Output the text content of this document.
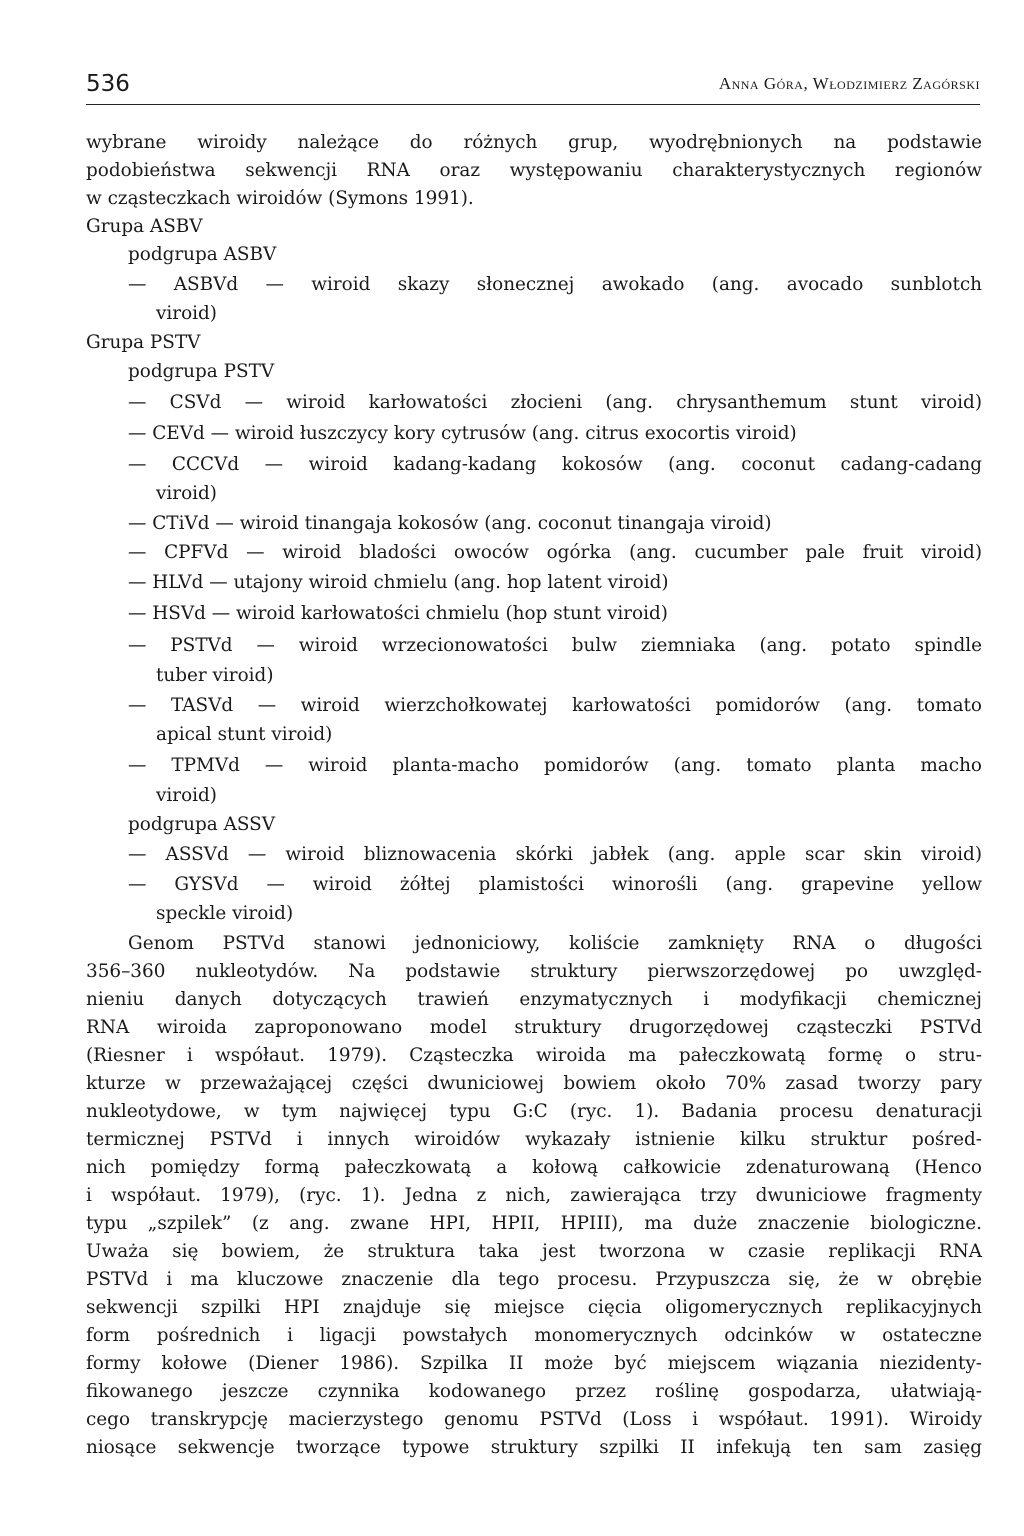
536	Anna Góra, Włodzimierz Zagórski
wybrane wiroidy należące do różnych grup, wyodrębnionych na podstawie
podobieństwa sekwencji RNA oraz występowaniu charakterystycznych regionów
w cząsteczkach wiroidów (Symons 1991).
Grupa ASBV
podgrupa ASBV
— ASBVd — wiroid skazy słonecznej awokado (ang. avocado sunblotch
viroid)
Grupa PSTV
podgrupa PSTV
— CSVd — wiroid karłowatości złocieni (ang. chrysanthemum stunt viroid)
— CEVd — wiroid łuszczycy kory cytrusów (ang. citrus exocortis viroid)
— CCCVd — wiroid kadang-kadang kokosów (ang. coconut cadang-cadang
viroid)
— CTiVd — wiroid tinangaja kokosów (ang. coconut tinangaja viroid)
— CPFVd — wiroid bladości owoców ogórka (ang. cucumber pale fruit viroid)
— HLVd — utajony wiroid chmielu (ang. hop latent viroid)
— HSVd — wiroid karłowatości chmielu (hop stunt viroid)
— PSTVd — wiroid wrzecionowatości bulw ziemniaka (ang. potato spindle
tuber viroid)
— TASVd — wiroid wierzchołkowatej karłowatości pomidorów (ang. tomato
apical stunt viroid)
— TPMVd — wiroid planta-macho pomidorów (ang. tomato planta macho
viroid)
podgrupa ASSV
— ASSVd — wiroid bliznowacenia skórki jabłek (ang. apple scar skin viroid)
— GYSVd — wiroid żółtej plamistości winorośli (ang. grapevine yellow
speckle viroid)
Genom PSTVd stanowi jednoniciowy, koliście zamknięty RNA o długości
356–360 nukleotydów. Na podstawie struktury pierwszorzędowej po uwzględ-
nieniu danych dotyczących trawień enzymatycznych i modyfikacji chemicznej
RNA wiroida zaproponowano model struktury drugorzędowej cząsteczki PSTVd
(Riesner i współaut. 1979). Cząsteczka wiroida ma pałeczkowatą formę o stru-
kturze w przeważającej części dwuniciowej bowiem około 70% zasad tworzy pary
nukleotydowe, w tym najwięcej typu G:C (ryc. 1). Badania procesu denaturacji
termicznej PSTVd i innych wiroidów wykazały istnienie kilku struktur pośred-
nich pomiędzy formą pałeczkowatą a kołową całkowicie zdenaturowaną (Henco
i współaut. 1979), (ryc. 1). Jedna z nich, zawierająca trzy dwuniciowe fragmenty
typu „szpilek” (z ang. zwane HPI, HPII, HPIII), ma duże znaczenie biologiczne.
Uważa się bowiem, że struktura taka jest tworzona w czasie replikacji RNA
PSTVd i ma kluczowe znaczenie dla tego procesu. Przypuszcza się, że w obrębie
sekwencji szpilki HPI znajduje się miejsce cięcia oligomerycznych replikacyjnych
form pośrednich i ligacji powstałych monomerycznych odcinków w ostateczne
formy kołowe (Diener 1986). Szpilka II może być miejscem wiązania niezidenty-
fikowanego jeszcze czynnika kodowanego przez roślinę gospodarza, ułatwiają-
cego transkrypcję macierzystego genomu PSTVd (Loss i współaut. 1991). Wiroidy
niosące sekwencje tworzące typowe struktury szpilki II infekują ten sam zasięg
